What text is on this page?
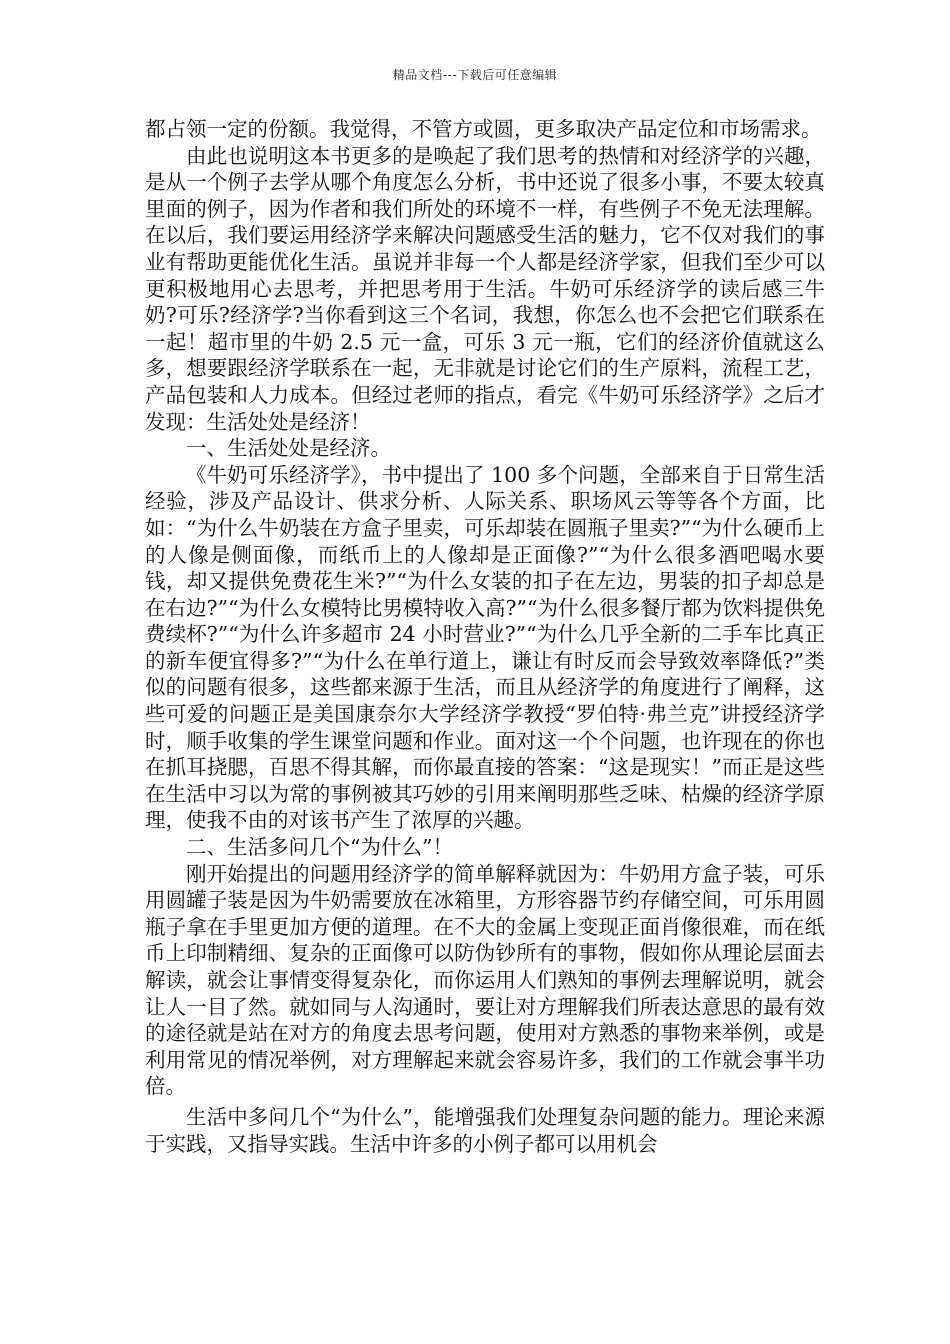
精品文档---下载后可任意编辑

都占领一定的份额。我觉得，不管方或圆，更多取决产品定位和市场需求。

由此也说明这本书更多的是唤起了我们思考的热情和对经济学的兴趣，是从一个例子去学从哪个角度怎么分析，书中还说了很多小事，不要太较真里面的例子，因为作者和我们所处的环境不一样，有些例子不免无法理解。在以后，我们要运用经济学来解决问题感受生活的魅力，它不仅对我们的事业有帮助更能优化生活。虽说并非每一个人都是经济学家，但我们至少可以更积极地用心去思考，并把思考用于生活。牛奶可乐经济学的读后感三牛奶?可乐?经济学?当你看到这三个名词，我想，你怎么也不会把它们联系在一起！超市里的牛奶 2.5 元一盒，可乐 3 元一瓶，它们的经济价值就这么多，想要跟经济学联系在一起，无非就是讨论它们的生产原料，流程工艺，产品包装和人力成本。但经过老师的指点，看完《牛奶可乐经济学》之后才发现：生活处处是经济！

一、生活处处是经济。

《牛奶可乐经济学》，书中提出了 100 多个问题，全部来自于日常生活经验，涉及产品设计、供求分析、人际关系、职场风云等等各个方面，比如：“为什么牛奶装在方盒子里卖，可乐却装在圆瓶子里卖?”“为什么硬币上的人像是侧面像，而纸币上的人像却是正面像?”“为什么很多酒吧喝水要钱，却又提供免费花生米?”“为什么女装的扣子在左边，男装的扣子却总是在右边?”“为什么女模特比男模特收入高?”“为什么很多餐厅都为饮料提供免费续杯?”“为什么许多超市 24 小时营业?”“为什么几乎全新的二手车比真正的新车便宜得多?”“为什么在单行道上，谦让有时反而会导致效率降低?”类似的问题有很多，这些都来源于生活，而且从经济学的角度进行了阐释，这些可爱的问题正是美国康奈尔大学经济学教授“罗伯特·弗兰克”讲授经济学时，顺手收集的学生课堂问题和作业。面对这一个个问题，也许现在的你也在抓耳挠腮，百思不得其解，而你最直接的答案：“这是现实！”而正是这些在生活中习以为常的事例被其巧妙的引用来阐明那些乏味、枯燥的经济学原理，使我不由的对该书产生了浓厚的兴趣。

二、生活多问几个“为什么”！

刚开始提出的问题用经济学的简单解释就因为：牛奶用方盒子装，可乐用圆罐子装是因为牛奶需要放在冰箱里，方形容器节约存储空间，可乐用圆瓶子拿在手里更加方便的道理。在不大的金属上变现正面肖像很难，而在纸币上印制精细、复杂的正面像可以防伪钞所有的事物，假如你从理论层面去解读，就会让事情变得复杂化，而你运用人们熟知的事例去理解说明，就会让人一目了然。就如同与人沟通时，要让对方理解我们所表达意思的最有效的途径就是站在对方的角度去思考问题，使用对方熟悉的事物来举例，或是利用常见的情况举例，对方理解起来就会容易许多，我们的工作就会事半功倍。

生活中多问几个“为什么”，能增强我们处理复杂问题的能力。理论来源于实践，又指导实践。生活中许多的小例子都可以用机会
